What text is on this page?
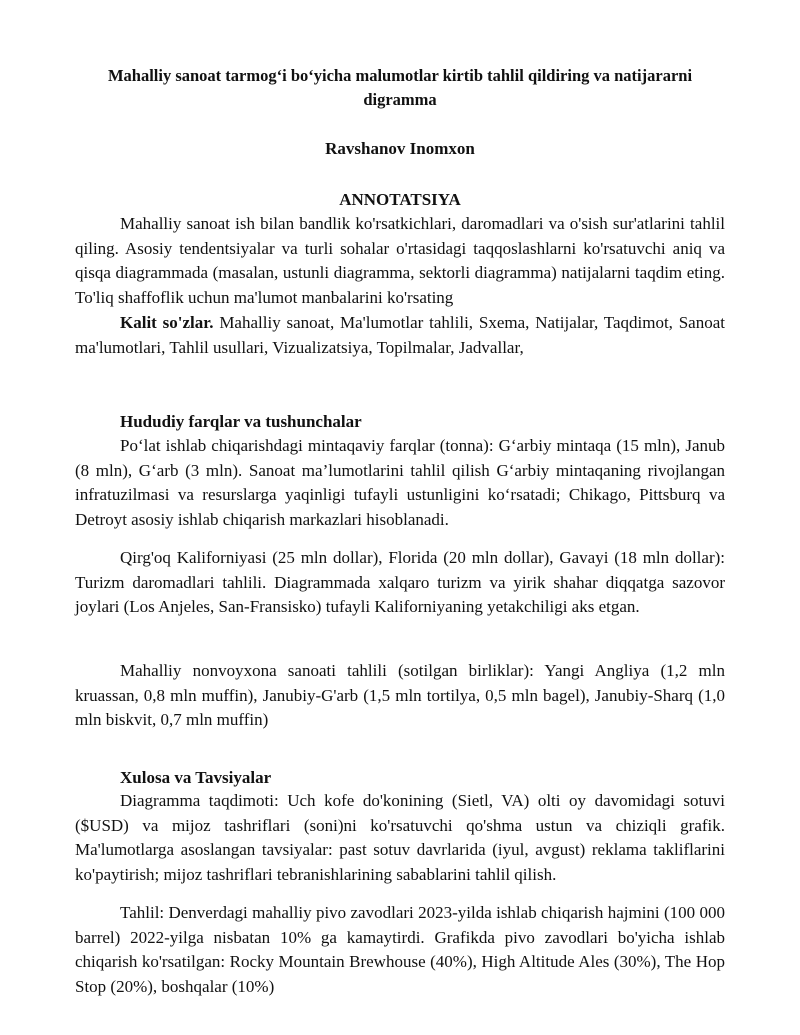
Mahalliy sanoat tarmog‘i bo‘yicha malumotlar kirtib tahlil qildiring va natijararni digramma
Ravshanov Inomxon
ANNOTATSIYA

Mahalliy sanoat ish bilan bandlik ko'rsatkichlari, daromadlari va o'sish sur'atlarini tahlil qiling. Asosiy tendentsiyalar va turli sohalar o'rtasidagi taqqoslashlarni ko'rsatuvchi aniq va qisqa diagrammada (masalan, ustunli diagramma, sektorli diagramma) natijalarni taqdim eting. To'liq shaffoflik uchun ma'lumot manbalarini ko'rsating

Kalit so'zlar. Mahalliy sanoat, Ma'lumotlar tahlili, Sxema, Natijalar, Taqdimot, Sanoat ma'lumotlari, Tahlil usullari, Vizualizatsiya, Topilmalar, Jadvallar,

Hududiy farqlar va tushunchalar

Po‘lat ishlab chiqarishdagi mintaqaviy farqlar (tonna): G‘arbiy mintaqa (15 mln), Janub (8 mln), G‘arb (3 mln). Sanoat ma’lumotlarini tahlil qilish G‘arbiy mintaqaning rivojlangan infratuzilmasi va resurslarga yaqinligi tufayli ustunligini ko‘rsatadi; Chikago, Pittsburq va Detroyt asosiy ishlab chiqarish markazlari hisoblanadi.

Qirg'oq Kaliforniyasi (25 mln dollar), Florida (20 mln dollar), Gavayi (18 mln dollar): Turizm daromadlari tahlili. Diagrammada xalqaro turizm va yirik shahar diqqatga sazovor joylari (Los Anjeles, San-Fransisko) tufayli Kaliforniyaning yetakchiligi aks etgan.

Mahalliy nonvoyxona sanoati tahlili (sotilgan birliklar): Yangi Angliya (1,2 mln kruassan, 0,8 mln muffin), Janubiy-G'arb (1,5 mln tortilya, 0,5 mln bagel), Janubiy-Sharq (1,0 mln biskvit, 0,7 mln muffin)

Xulosa va Tavsiyalar

Diagramma taqdimoti: Uch kofe do'konining (Sietl, VA) olti oy davomidagi sotuvi ($USD) va mijoz tashriflari (soni)ni ko'rsatuvchi qo'shma ustun va chiziqli grafik. Ma'lumotlarga asoslangan tavsiyalar: past sotuv davrlarida (iyul, avgust) reklama takliflarini ko'paytirish; mijoz tashriflari tebranishlarining sabablarini tahlil qilish.

Tahlil: Denverdagi mahalliy pivo zavodlari 2023-yilda ishlab chiqarish hajmini (100 000 barrel) 2022-yilga nisbatan 10% ga kamaytirdi. Grafikda pivo zavodlari bo'yicha ishlab chiqarish ko'rsatilgan: Rocky Mountain Brewhouse (40%), High Altitude Ales (30%), The Hop Stop (20%), boshqalar (10%)
